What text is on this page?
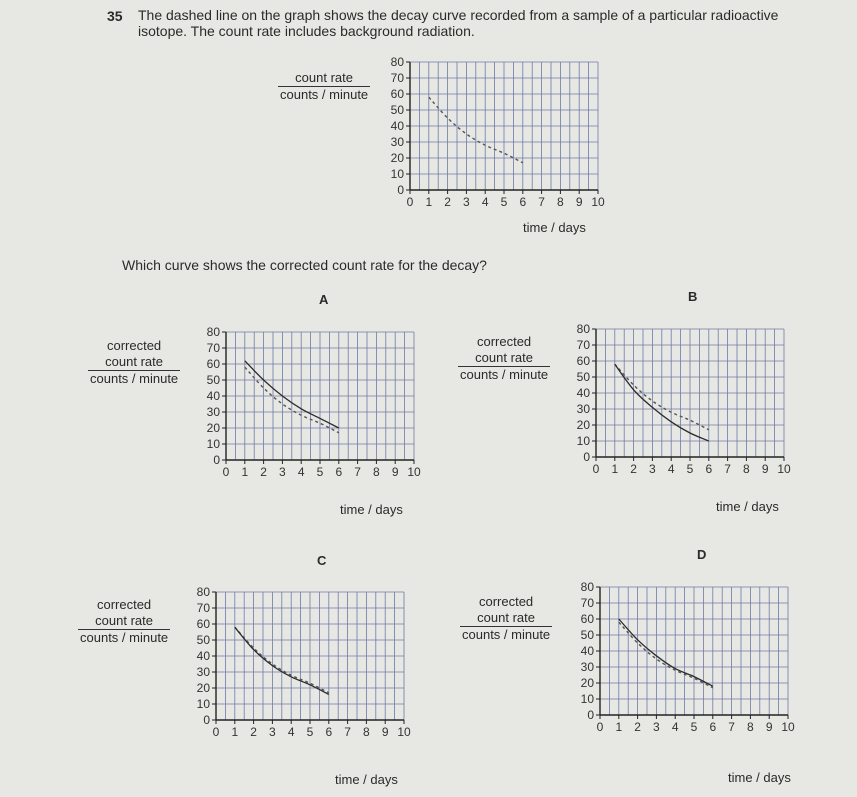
35 The dashed line on the graph shows the decay curve recorded from a sample of a particular radioactive isotope. The count rate includes background radiation.
count rate
counts / minute
0
10
20
30
40
50
60
70
80
0 1 2 3 4 5 6 7 8 9 10
time / days
Which curve shows the corrected count rate for the decay?
A
corrected
count rate
counts / minute
0
10
20
30
40
50
60
70
80
0 1 2 3 4 5 6 7 8 9 10
time / days
B
corrected
count rate
counts / minute
0
10
20
30
40
50
60
70
80
0 1 2 3 4 5 6 7 8 9 10
time / days
C
corrected
count rate
counts / minute
0
10
20
30
40
50
60
70
80
0 1 2 3 4 5 6 7 8 9 10
time / days
D
corrected
count rate
counts / minute
0
10
20
30
40
50
60
70
80
0 1 2 3 4 5 6 7 8 9 10
time / days
